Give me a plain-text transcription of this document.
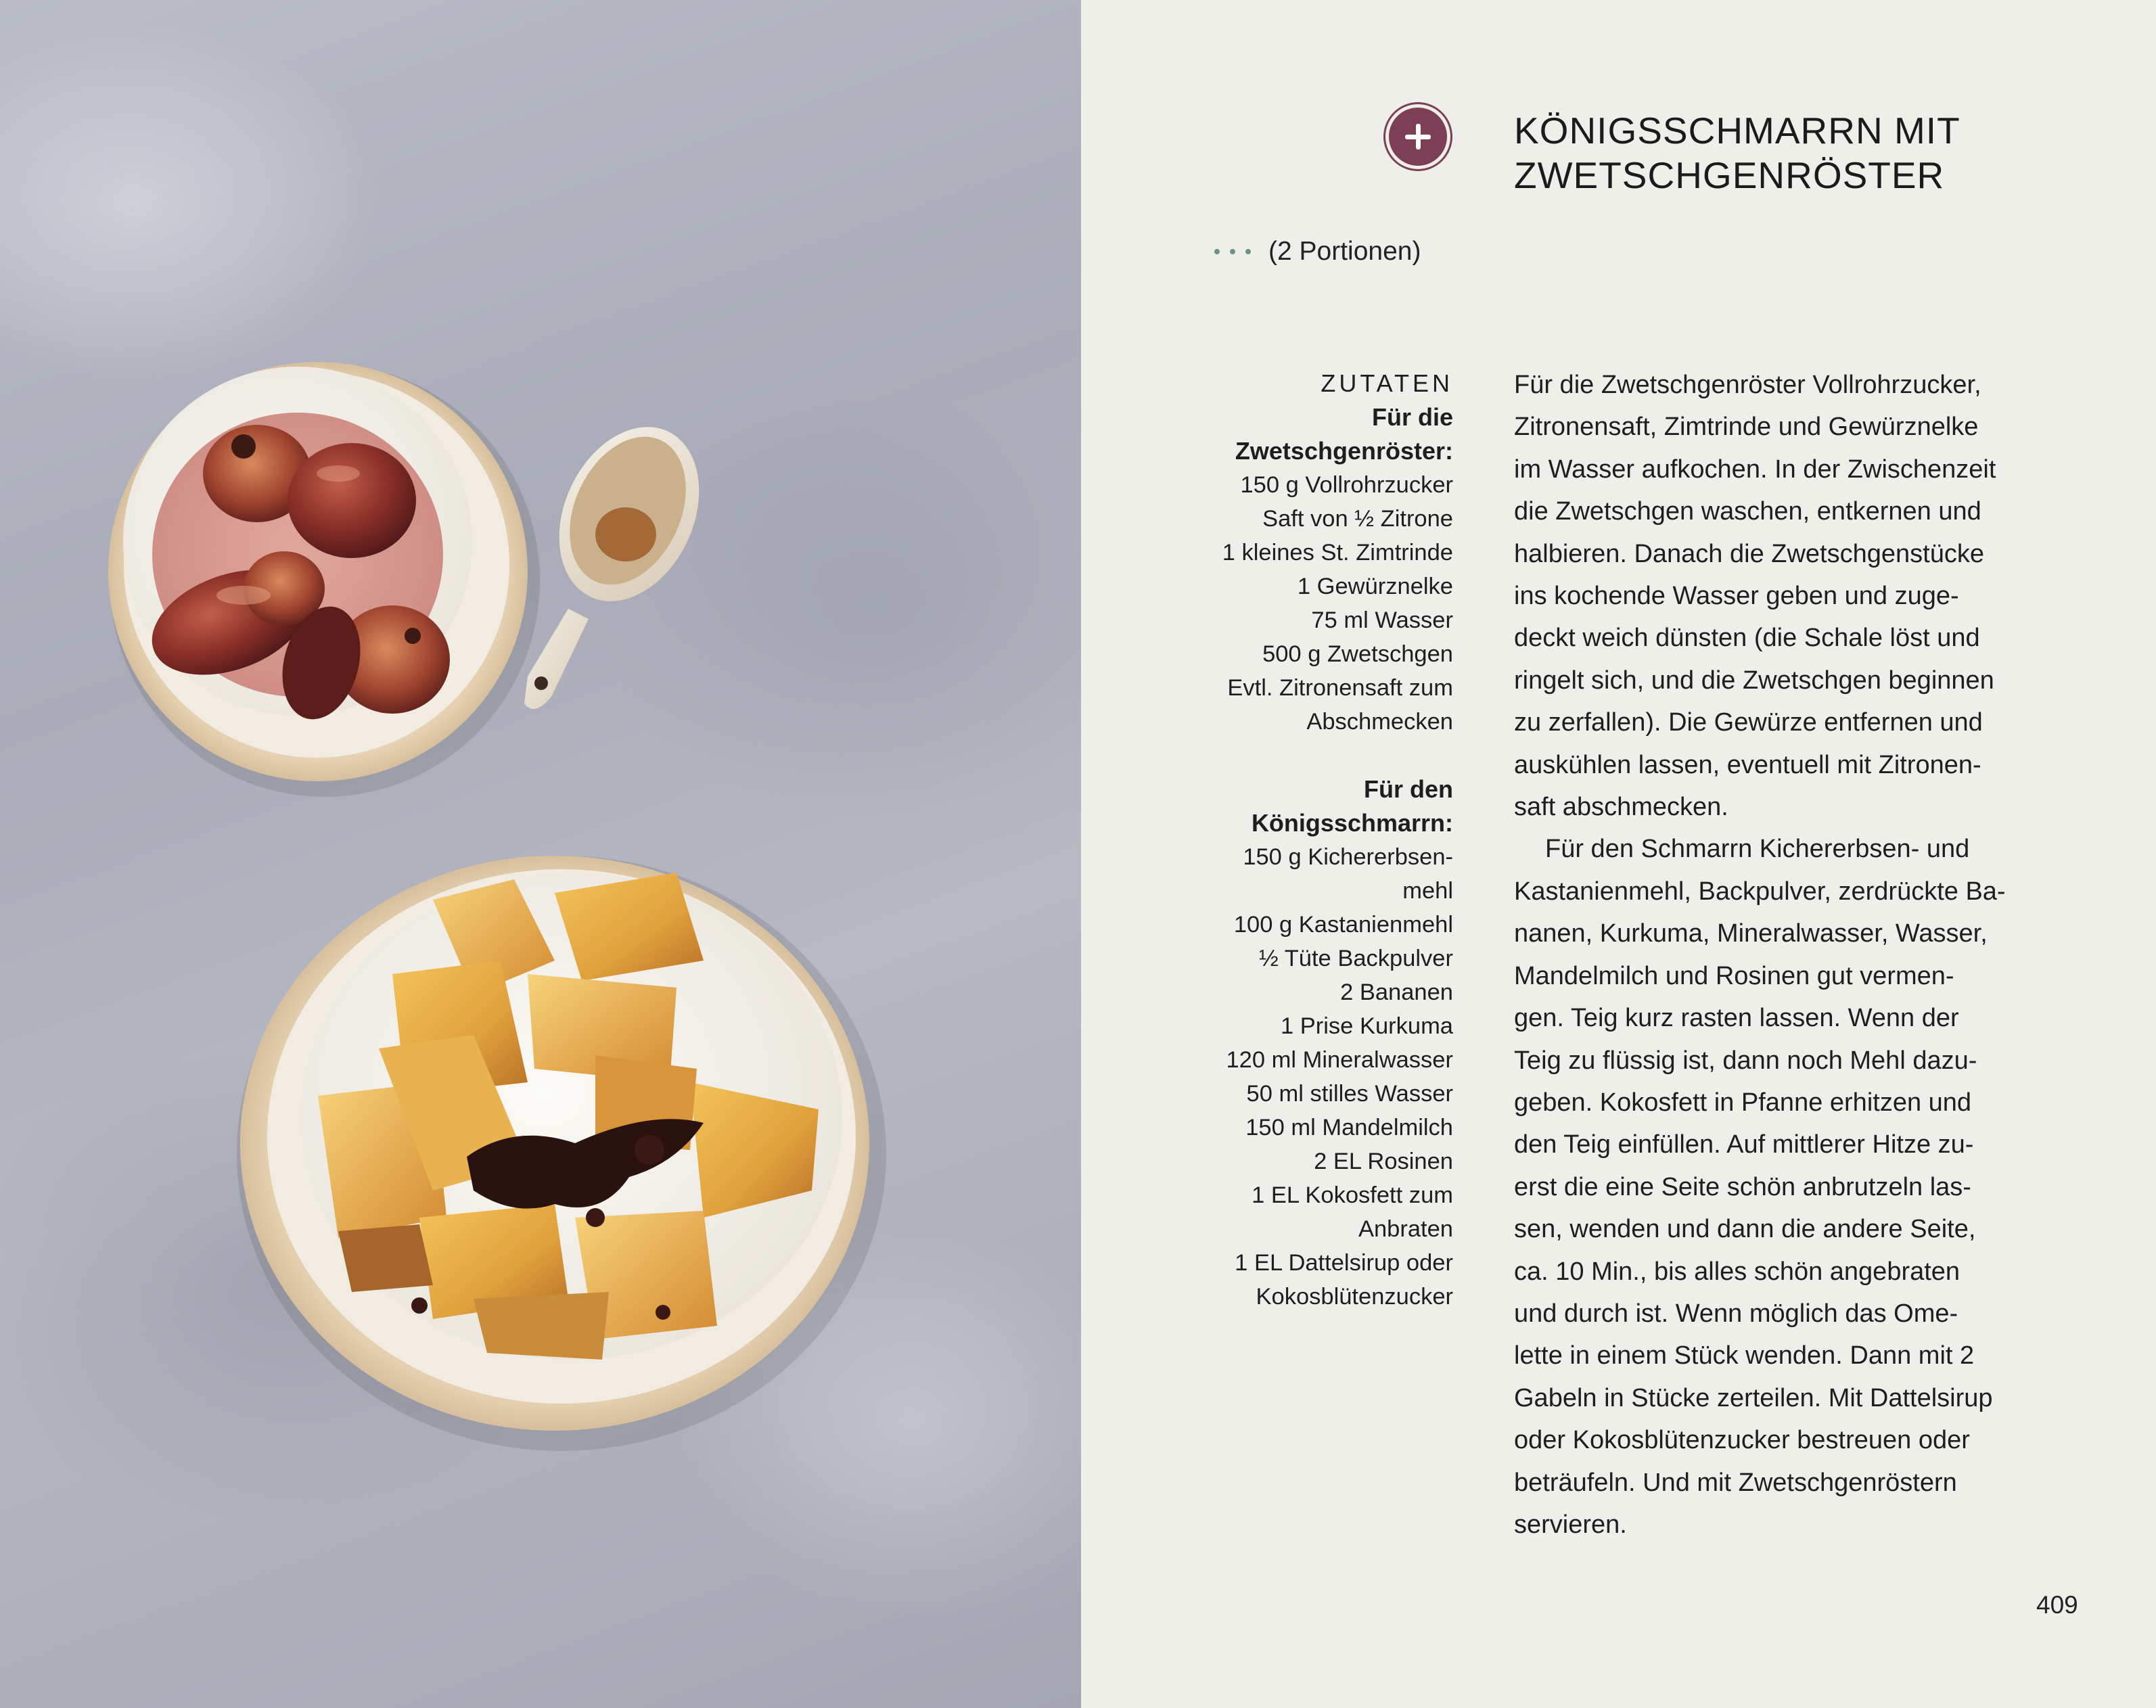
KÖNIGSSCHMARRN MIT
ZWETSCHGENRÖSTER
(2 Portionen)
ZUTATEN
Für die
Zwetschgenröster:
150 g Vollrohrzucker
Saft von ½ Zitrone
1 kleines St. Zimtrinde
1 Gewürznelke
75 ml Wasser
500 g Zwetschgen
Evtl. Zitronensaft zum
Abschmecken
Für den
Königsschmarrn:
150 g Kichererbsen-
mehl
100 g Kastanienmehl
½ Tüte Backpulver
2 Bananen
1 Prise Kurkuma
120 ml Mineralwasser
50 ml stilles Wasser
150 ml Mandelmilch
2 EL Rosinen
1 EL Kokosfett zum
Anbraten
1 EL Dattelsirup oder
Kokosblütenzucker
Für die Zwetschgenröster Vollrohrzucker,
Zitronensaft, Zimtrinde und Gewürznelke
im Wasser aufkochen. In der Zwischenzeit
die Zwetschgen waschen, entkernen und
halbieren. Danach die Zwetschgenstücke
ins kochende Wasser geben und zuge-
deckt weich dünsten (die Schale löst und
ringelt sich, und die Zwetschgen beginnen
zu zerfallen). Die Gewürze entfernen und
auskühlen lassen, eventuell mit Zitronen-
saft abschmecken.
Für den Schmarrn Kichererbsen- und
Kastanienmehl, Backpulver, zerdrückte Ba-
nanen, Kurkuma, Mineralwasser, Wasser,
Mandelmilch und Rosinen gut vermen-
gen. Teig kurz rasten lassen. Wenn der
Teig zu flüssig ist, dann noch Mehl dazu-
geben. Kokosfett in Pfanne erhitzen und
den Teig einfüllen. Auf mittlerer Hitze zu-
erst die eine Seite schön anbrutzeln las-
sen, wenden und dann die andere Seite,
ca. 10 Min., bis alles schön angebraten
und durch ist. Wenn möglich das Ome-
lette in einem Stück wenden. Dann mit 2
Gabeln in Stücke zerteilen. Mit Dattelsirup
oder Kokosblütenzucker bestreuen oder
beträufeln. Und mit Zwetschgenröstern
servieren.
409
